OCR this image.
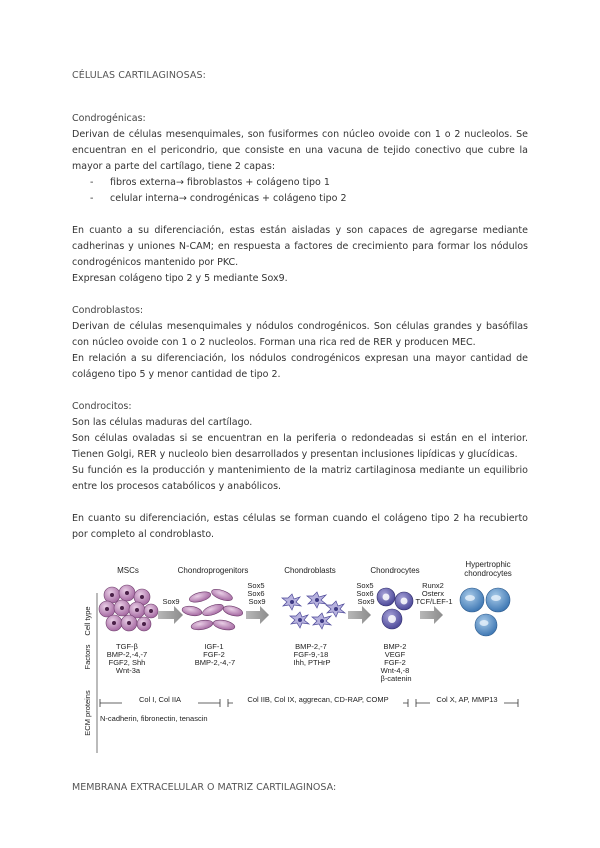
CÉLULAS CARTILAGINOSAS:
Condrogénicas:

Derivan de células mesenquimales, son fusiformes con núcleo ovoide con 1 o 2 nucleolos. Se encuentran en el pericondrio, que consiste en una vacuna de tejido conectivo que cubre la mayor a parte del cartílago, tiene 2 capas:

- fibros externa→ fibroblastos + colágeno tipo 1
- celular interna→ condrogénicas + colágeno tipo 2

En cuanto a su diferenciación, estas están aisladas y son capaces de agregarse mediante cadherinas y uniones N-CAM; en respuesta a factores de crecimiento para formar los nódulos condrogénicos mantenido por PKC.

Expresan colágeno tipo 2 y 5 mediante Sox9.

Condroblastos:

Derivan de células mesenquimales y nódulos condrogénicos. Son células grandes y basófilas con núcleo ovoide con 1 o 2 nucleolos. Forman una rica red de RER y producen MEC.

En relación a su diferenciación, los nódulos condrogénicos expresan una mayor cantidad de colágeno tipo 5 y menor cantidad de tipo 2.

Condrocitos:

Son las células maduras del cartílago.

Son células ovaladas si se encuentran en la periferia o redondeadas si están en el interior. Tienen Golgi, RER y nucleolo bien desarrollados y presentan inclusiones lipídicas y glucídicas.

Su función es la producción y mantenimiento de la matriz cartilaginosa mediante un equilibrio entre los procesos catabólicos y anabólicos.

En cuanto su diferenciación, estas células se forman cuando el colágeno tipo 2 ha recubierto por completo al condroblasto.

Cell type
Factors
ECM proteins
MSCs	Chondroprogenitors	Chondroblasts	Chondrocytes
Hypertrophic chondrocytes
Sox9
Sox5 Sox6 Sox9
Sox5 Sox6 Sox9
Runx2 Osterx TCF/LEF-1
TGF-β BMP-2,-4,-7 FGF2, Shh Wnt-3a
IGF-1 FGF-2 BMP-2,-4,-7
BMP-2,-7 FGF-9,-18 Ihh, PTHrP
BMP-2 VEGF FGF-2 Wnt-4,-8 β-catenin
Col I, Col IIA	Col IIB, Col IX, aggrecan, CD-RAP, COMP	Col X, AP, MMP13
N-cadherin, fibronectin, tenascin
MEMBRANA EXTRACELULAR O MATRIZ CARTILAGINOSA:
